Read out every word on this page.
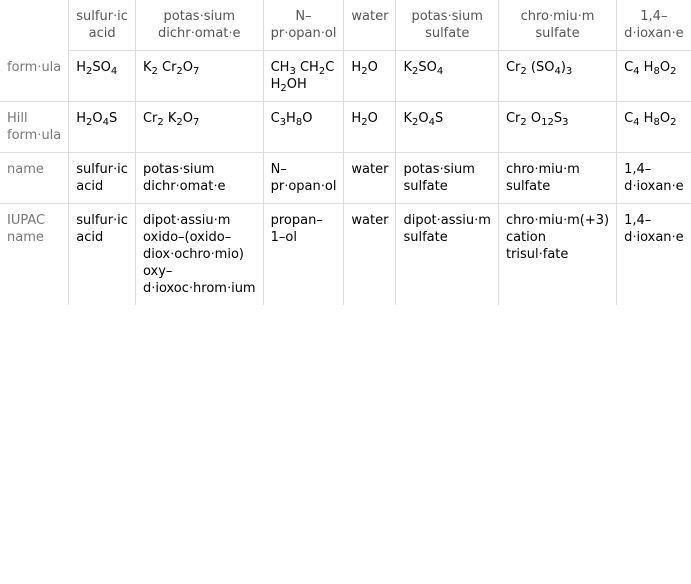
	sulfur⋅ic acid	potas⋅sium dichr⋅omat⋅e	N–pr⋅opan⋅ol	water	potas⋅sium sulfate	chro⋅miu⋅m sulfate	1,4–d⋅ioxan⋅e
form⋅ula	$H_2SO_4$	$K_2$ $Cr_2O_7$	$CH_3$ $CH_2C$ $H_2OH$	$H_2O$	$K_2SO_4$	$Cr_2$ $(SO_4)_3$	$C_4$ $H_8O_2$
Hill form⋅ula	$H_2O_4S$	$Cr_2$ $K_2O_7$	$C_3H_8O$	$H_2O$	$K_2O_4S$	$Cr_2$ $O_{12}S_3$	$C_4$ $H_8O_2$
name	sulfur⋅ic acid	potas⋅sium dichr⋅omat⋅e	N–pr⋅opan⋅ol	water	potas⋅sium sulfate	chro⋅miu⋅m sulfate	1,4–d⋅ioxan⋅e
IUPAC name	sulfur⋅ic acid	dipot⋅assiu⋅m oxido–(oxido–diox⋅ochro⋅mio) oxy–d⋅ioxoc⋅hrom⋅ium	propan–1–ol	water	dipot⋅assiu⋅m sulfate	chro⋅miu⋅m(+3) cation trisul⋅fate	1,4–d⋅ioxan⋅e
